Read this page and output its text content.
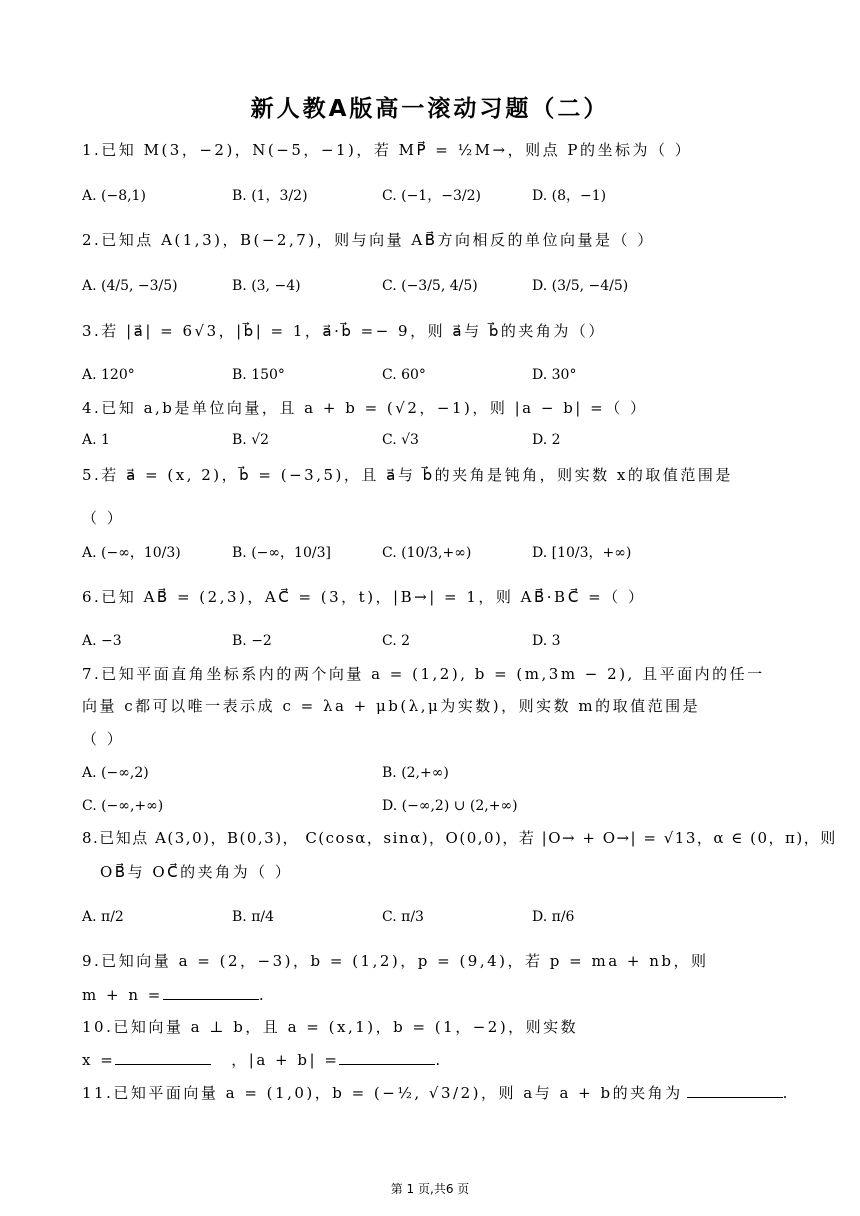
新人教A版高一滚动习题（二）
1.已知 M(3，−2)，N(−5，−1)，若 MP⃗ = ½M→，则点 P的坐标为（ ）
A. (−8,1)	B. (1，3/2)	C. (−1，−3/2)	D. (8，−1)
2.已知点 A(1,3)，B(−2,7)，则与向量 AB⃗方向相反的单位向量是（ ）
A. (4/5, −3/5)	B. (3, −4)	C. (−3/5, 4/5)	D. (3/5, −4/5)
3.若 |a⃗| = 6√3，|b⃗| = 1，a⃗·b⃗ =− 9，则 a⃗与 b⃗的夹角为（）
A. 120°	B. 150°	C. 60°	D. 30°
4.已知 a,b是单位向量，且 a + b = (√2，−1)，则 |a − b| =（ ）
A. 1	B. √2	C. √3	D. 2
5.若 a⃗ = (x, 2)，b⃗ = (−3,5)，且 a⃗与 b⃗的夹角是钝角，则实数 x的取值范围是
（ ）
A. (−∞，10/3)	B. (−∞，10/3]	C. (10/3,+∞)	D. [10/3，+∞)
6.已知 AB⃗ = (2,3)，AC⃗ = (3，t)，|B→| = 1，则 AB⃗·BC⃗ =（ ）
A. −3	B. −2	C. 2	D. 3
7.已知平面直角坐标系内的两个向量 a = (1,2), b = (m,3m − 2), 且平面内的任一
向量 c都可以唯一表示成 c = λa + μb(λ,μ为实数)，则实数 m的取值范围是
（ ）
A. (−∞,2)	B. (2,+∞)
C. (−∞,+∞)	D. (−∞,2) ∪ (2,+∞)
8.已知点 A(3,0)，B(0,3)， C(cosα，sinα)，O(0,0)，若 |O→ + O→| = √13，α ∈ (0，π)，则
OB⃗与 OC⃗的夹角为（ ）
A. π/2	B. π/4	C. π/3	D. π/6
9.已知向量 a = (2，−3)，b = (1,2)，p = (9,4)，若 p = ma + nb，则
m + n =	.
10.已知向量 a ⊥ b，且 a = (x,1)，b = (1，−2)，则实数
x =	，|a + b| =	.
11.已知平面向量 a = (1,0)，b = (−½, √3/2)，则 a与 a + b的夹角为	.
第 1 页,共6 页
